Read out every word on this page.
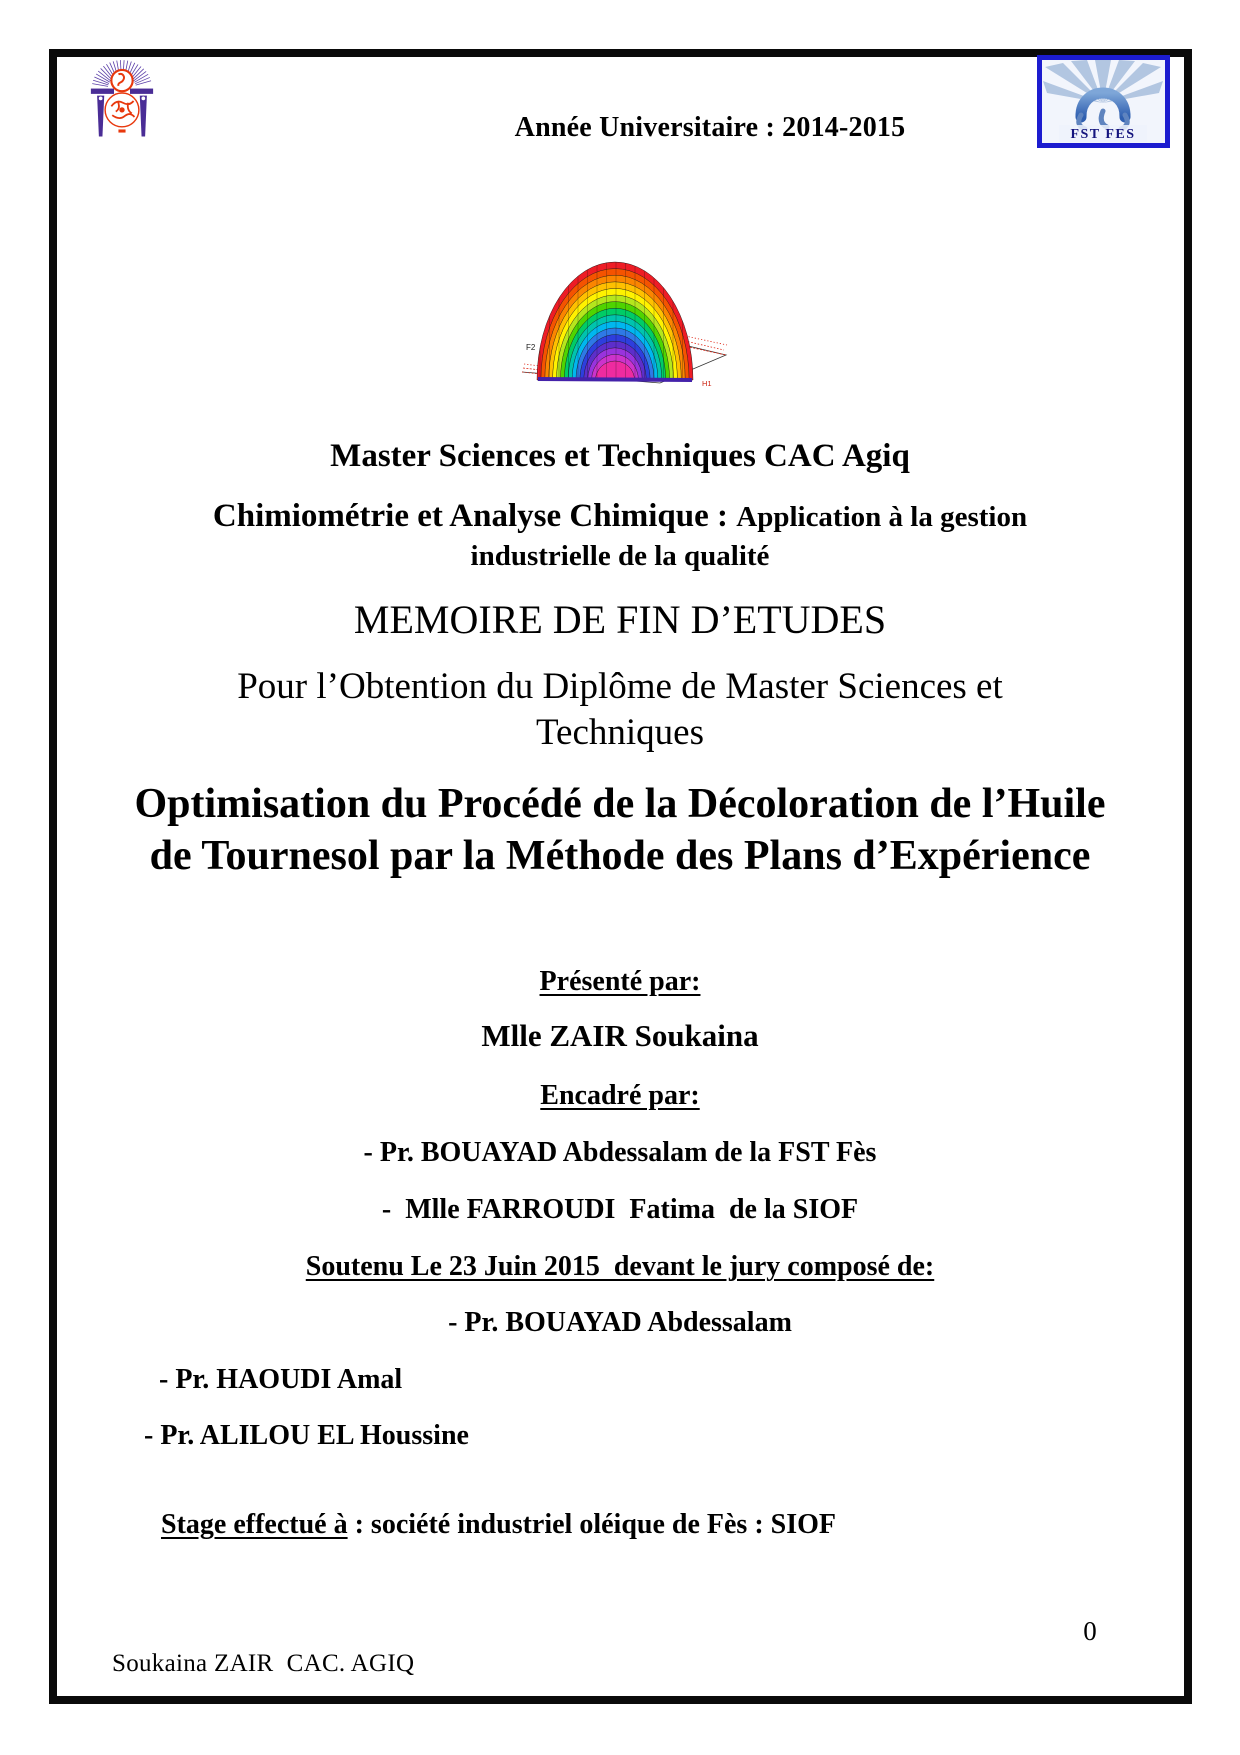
FST FES
Année Universitaire : 2014-2015
F2
H1
Master Sciences et Techniques CAC Agiq
Chimiométrie et Analyse Chimique : Application à la gestion
industrielle de la qualité
MEMOIRE DE FIN D’ETUDES
Pour l’Obtention du Diplôme de Master Sciences et
Techniques
Optimisation du Procédé de la Décoloration de l’Huile
de Tournesol par la Méthode des Plans d’Expérience
Présenté par:
Mlle ZAIR Soukaina
Encadré par:
- Pr. BOUAYAD Abdessalam de la FST Fès
-  Mlle FARROUDI  Fatima  de la SIOF
Soutenu Le 23 Juin 2015  devant le jury composé de:
- Pr. BOUAYAD Abdessalam
- Pr. HAOUDI Amal
- Pr. ALILOU EL Houssine

Stage effectué à : société industriel oléique de Fès : SIOF

0
Soukaina ZAIR  CAC. AGIQ
